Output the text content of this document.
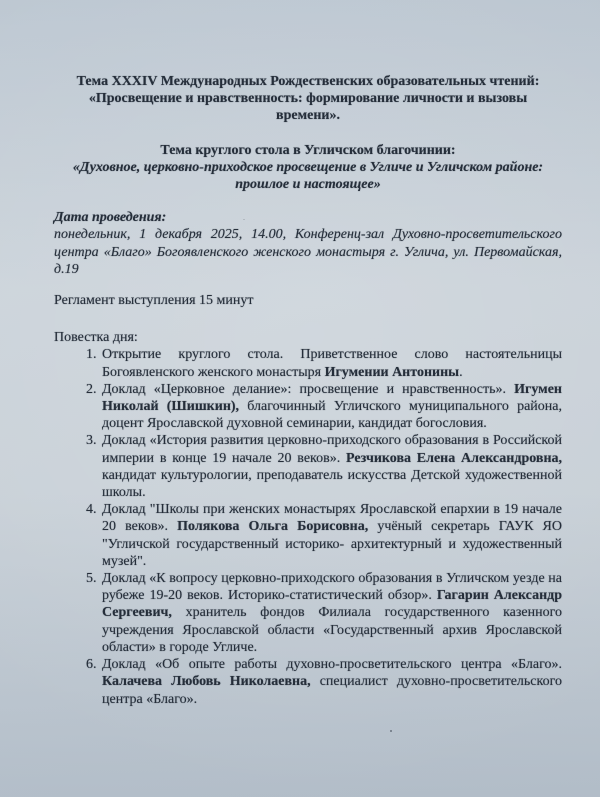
Тема XXXIV Международных Рождественских образовательных чтений:
«Просвещение и нравственность: формирование личности и вызовы
времени».
Тема круглого стола в Угличском благочинии:
«Духовное, церковно-приходское просвещение в Угличе и Угличском районе:
прошлое и настоящее»
Дата проведения:
понедельник, 1 декабря 2025, 14.00, Конференц-зал Духовно-просветительского центра «Благо» Богоявленского женского монастыря г. Углича, ул. Первомайская, д.19
Регламент выступления 15 минут
Повестка дня:
1. Открытие круглого стола. Приветственное слово настоятельницы Богоявленского женского монастыря Игумении Антонины.
2. Доклад «Церковное делание»: просвещение и нравственность». Игумен Николай (Шишкин), благочинный Угличского муниципального района, доцент Ярославской духовной семинарии, кандидат богословия.
3. Доклад «История развития церковно-приходского образования в Российской империи в конце 19 начале 20 веков». Резчикова Елена Александровна, кандидат культурологии, преподаватель искусства Детской художественной школы.
4. Доклад "Школы при женских монастырях Ярославской епархии в 19 начале 20 веков». Полякова Ольга Борисовна, учёный секретарь ГАУК ЯО "Угличской государственный историко- архитектурный и художественный музей".
5. Доклад «К вопросу церковно-приходского образования в Угличском уезде на рубеже 19-20 веков. Историко-статистический обзор». Гагарин Александр Сергеевич, хранитель фондов Филиала государственного казенного учреждения Ярославской области «Государственный архив Ярославской области» в городе Угличе.
6. Доклад «Об опыте работы духовно-просветительского центра «Благо». Калачева Любовь Николаевна, специалист духовно-просветительского центра «Благо».
